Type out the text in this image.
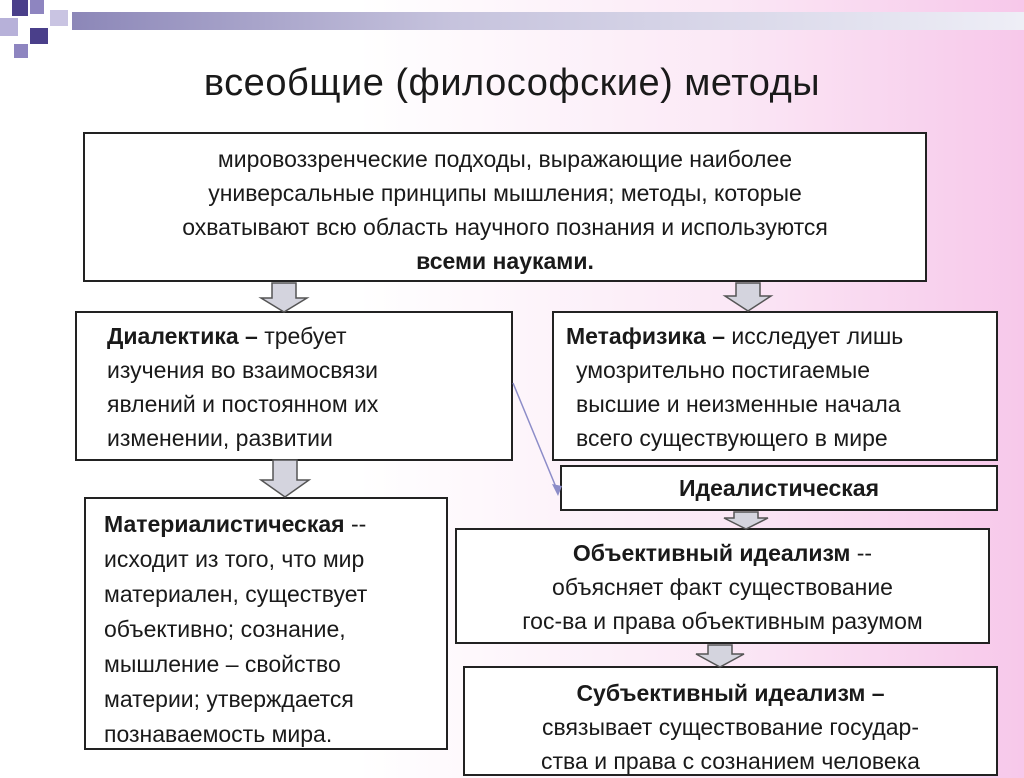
всеобщие (философские) методы
мировоззренческие подходы, выражающие наиболее
универсальные принципы мышления; методы, которые
охватывают всю область научного познания и используются
всеми науками.
Диалектика – требует
изучения во взаимосвязи
явлений и постоянном их
изменении, развитии
Метафизика – исследует лишь
умозрительно постигаемые
высшие и неизменные начала
всего существующего в мире
Идеалистическая
Материалистическая --
исходит из того, что мир
материален, существует
объективно; сознание,
мышление – свойство
материи; утверждается
познаваемость мира.
Объективный идеализм --
объясняет факт существование
гос-ва и права объективным разумом
Субъективный идеализм –
связывает существование государ-
ства и права с сознанием человека
